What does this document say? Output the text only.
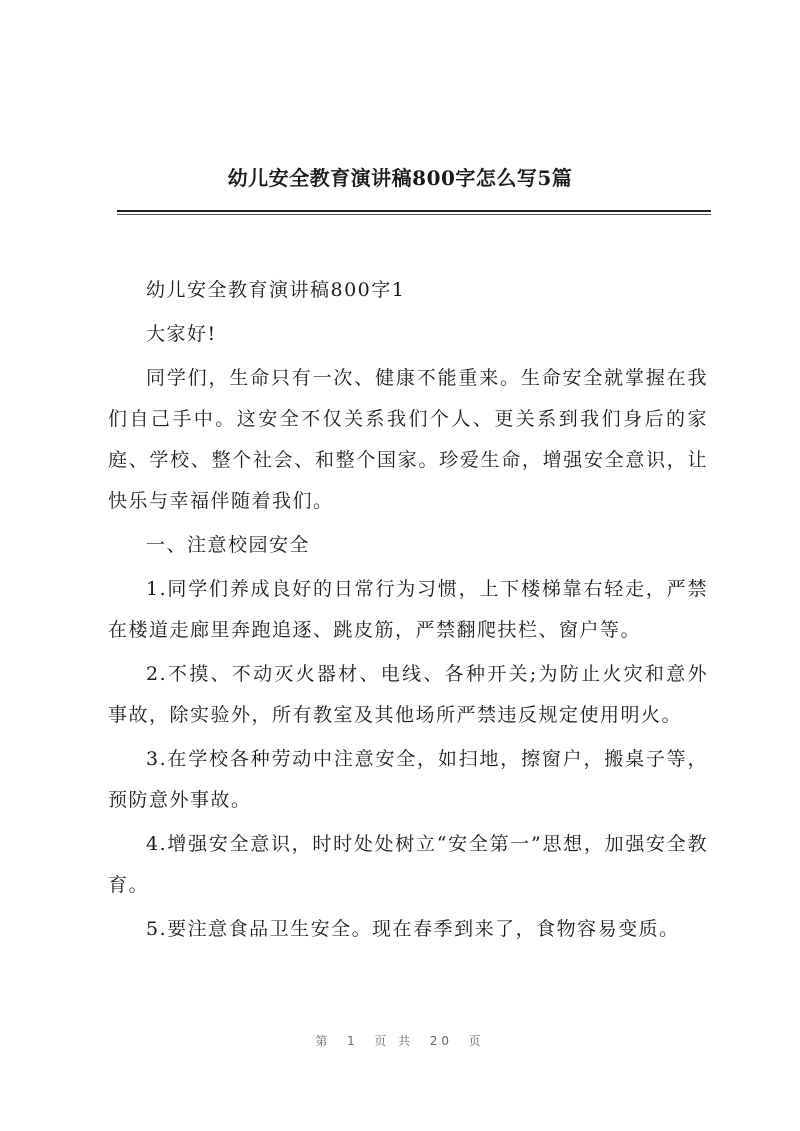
幼儿安全教育演讲稿800字怎么写5篇

幼儿安全教育演讲稿800字1

大家好!

同学们，生命只有一次、健康不能重来。生命安全就掌握在我们自己手中。这安全不仅关系我们个人、更关系到我们身后的家庭、学校、整个社会、和整个国家。珍爱生命，增强安全意识，让快乐与幸福伴随着我们。

一、注意校园安全

1.同学们养成良好的日常行为习惯，上下楼梯靠右轻走，严禁在楼道走廊里奔跑追逐、跳皮筋，严禁翻爬扶栏、窗户等。

2.不摸、不动灭火器材、电线、各种开关;为防止火灾和意外事故，除实验外，所有教室及其他场所严禁违反规定使用明火。

3.在学校各种劳动中注意安全，如扫地，擦窗户，搬桌子等，预防意外事故。

4.增强安全意识，时时处处树立“安全第一”思想，加强安全教育。

5.要注意食品卫生安全。现在春季到来了，食物容易变质。

第  1  页 共  20  页
